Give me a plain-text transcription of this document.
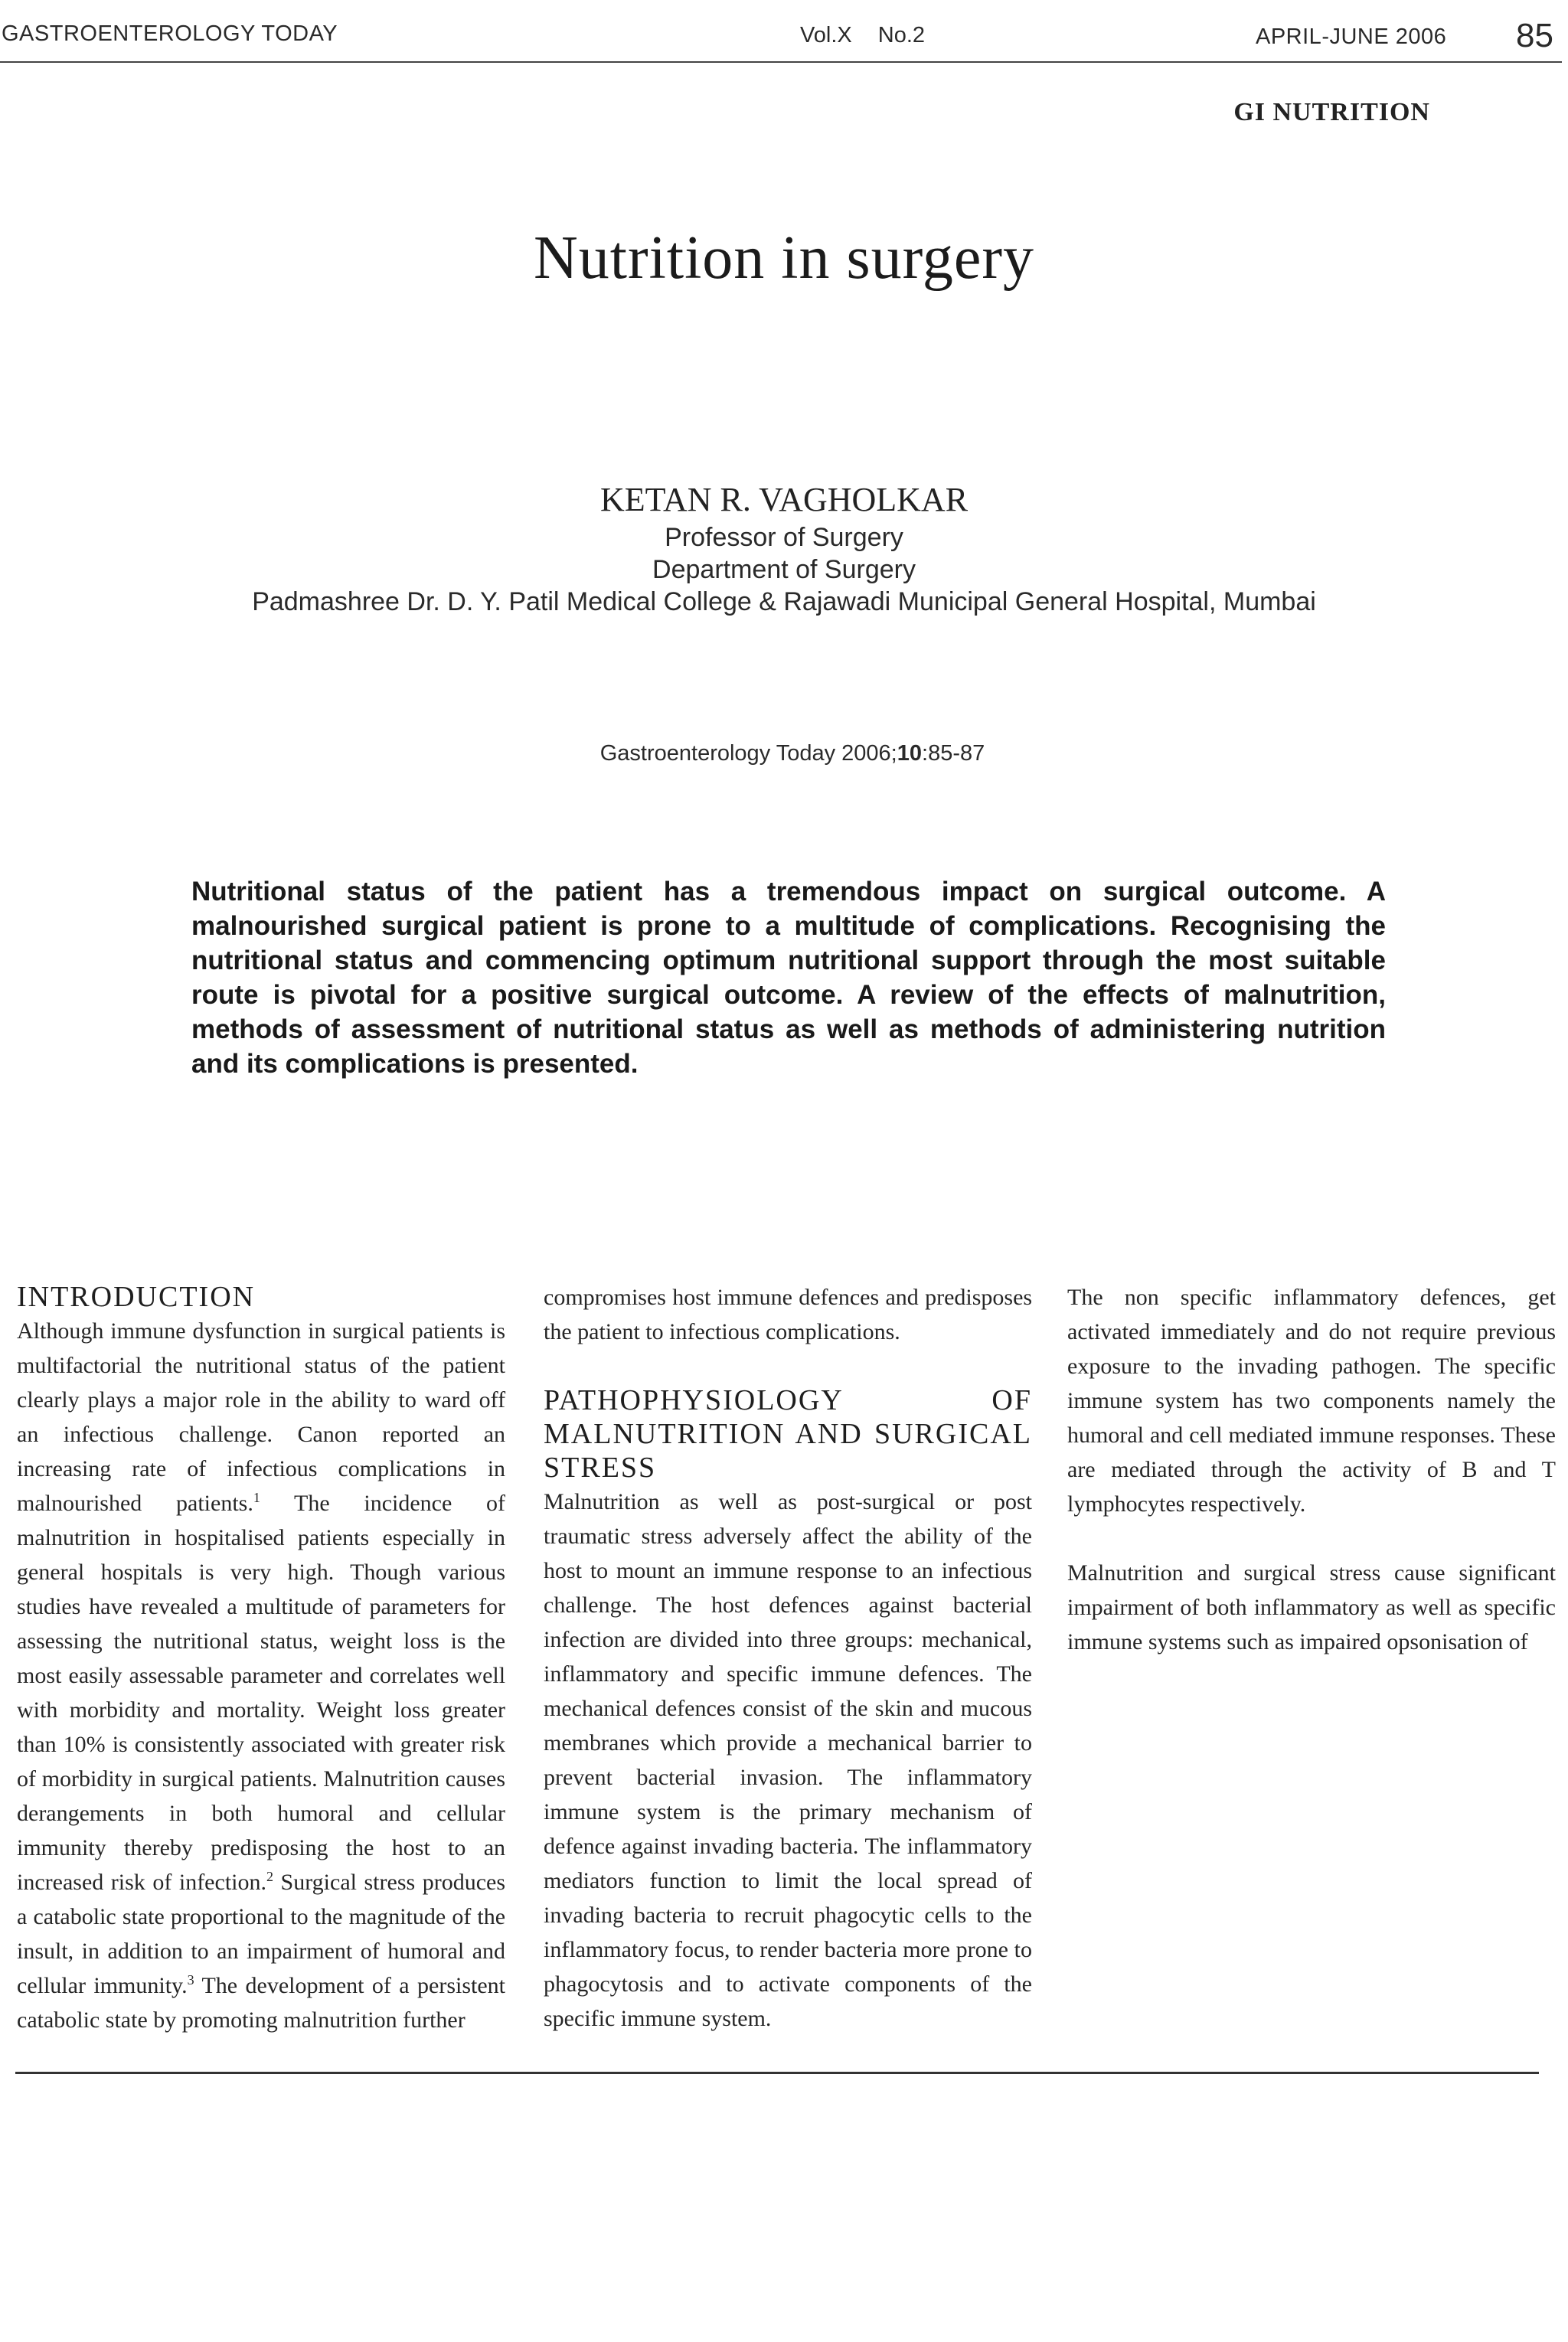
GASTROENTEROLOGY TODAY	Vol.X No.2	APRIL-JUNE 2006 85
GI NUTRITION
Nutrition in surgery
KETAN R. VAGHOLKAR
Professor of Surgery
Department of Surgery
Padmashree Dr. D. Y. Patil Medical College & Rajawadi Municipal General Hospital, Mumbai
Gastroenterology Today 2006;10:85-87

Nutritional status of the patient has a tremendous impact on surgical outcome. A malnourished surgical patient is prone to a multitude of complications. Recognising the nutritional status and commencing optimum nutritional support through the most suitable route is pivotal for a positive surgical outcome. A review of the effects of malnutrition, methods of assessment of nutritional status as well as methods of administering nutrition and its complications is presented.

INTRODUCTION

Although immune dysfunction in surgical patients is multifactorial the nutritional status of the patient clearly plays a major role in the ability to ward off an infectious challenge. Canon reported an increasing rate of infectious complications in malnourished patients.$^1$ The incidence of malnutrition in hospitalised patients especially in general hospitals is very high. Though various studies have revealed a multitude of parameters for assessing the nutritional status, weight loss is the most easily assessable parameter and correlates well with morbidity and mortality. Weight loss greater than 10% is consistently associated with greater risk of morbidity in surgical patients. Malnutrition causes derangements in both humoral and cellular immunity thereby predisposing the host to an increased risk of infection.$^2$ Surgical stress produces a catabolic state proportional to the magnitude of the insult, in addition to an impairment of humoral and cellular immunity.$^3$ The development of a persistent catabolic state by promoting malnutrition further

compromises host immune defences and predisposes the patient to infectious complications.

PATHOPHYSIOLOGY OF MALNUTRITION AND SURGICAL STRESS

Malnutrition as well as post-surgical or post traumatic stress adversely affect the ability of the host to mount an immune response to an infectious challenge. The host defences against bacterial infection are divided into three groups: mechanical, inflammatory and specific immune defences. The mechanical defences consist of the skin and mucous membranes which provide a mechanical barrier to prevent bacterial invasion. The inflammatory immune system is the primary mechanism of defence against invading bacteria. The inflammatory mediators function to limit the local spread of invading bacteria to recruit phagocytic cells to the inflammatory focus, to render bacteria more prone to phagocytosis and to activate components of the specific immune system.

The non specific inflammatory defences, get activated immediately and do not require previous exposure to the invading pathogen. The specific immune system has two components namely the humoral and cell mediated immune responses. These are mediated through the activity of B and T lymphocytes respectively.

Malnutrition and surgical stress cause significant impairment of both inflammatory as well as specific immune systems such as impaired opsonisation of
